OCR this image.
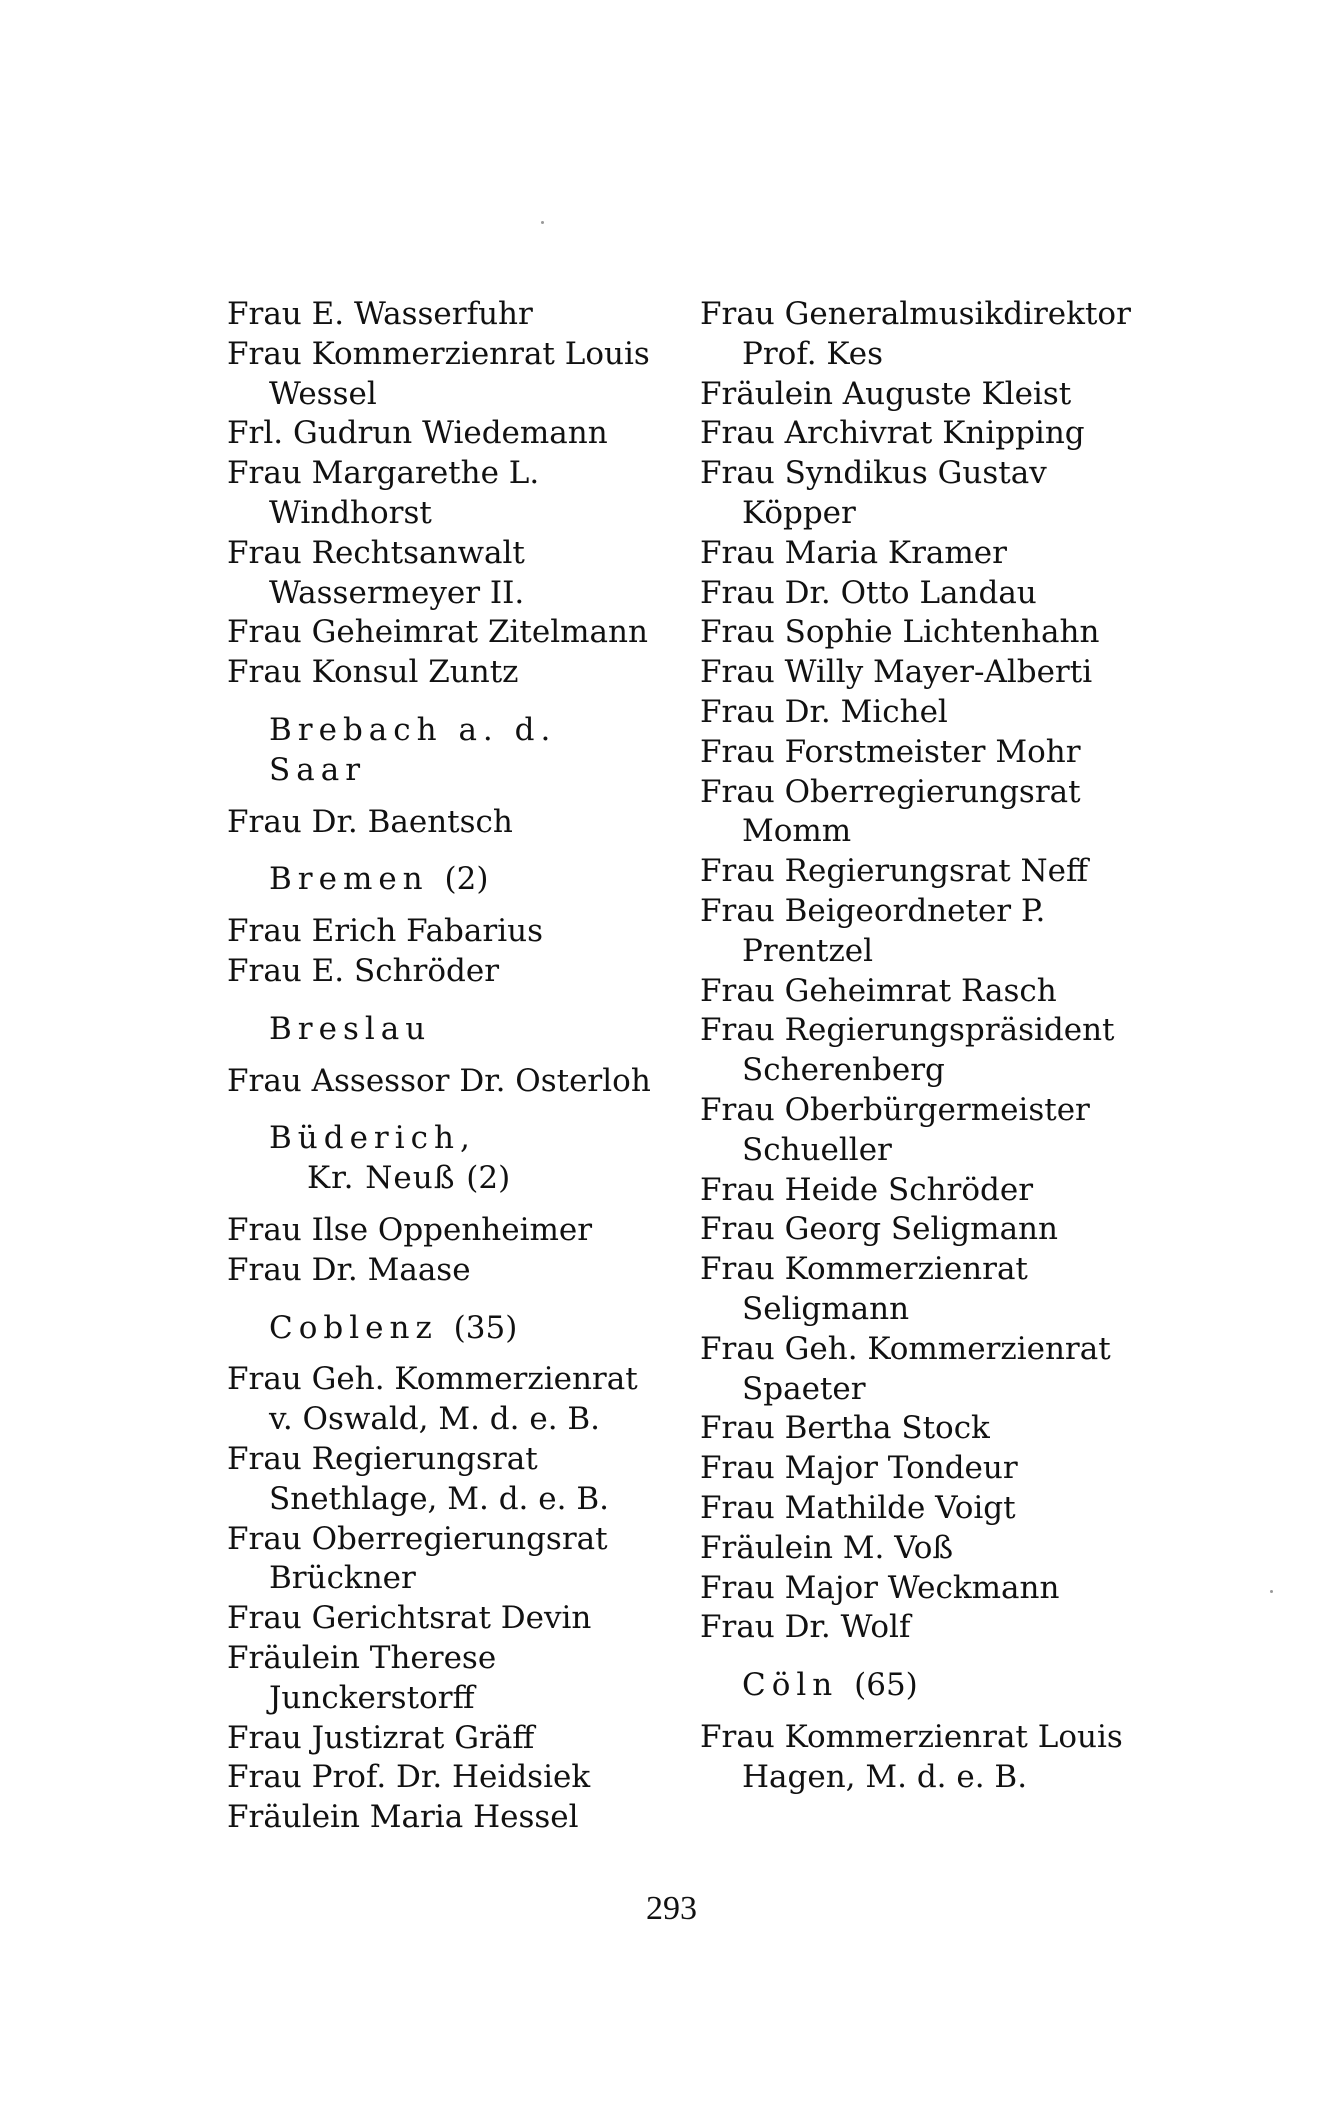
Frau E. Wasserfuhr
Frau Kommerzienrat Louis Wessel
Frl. Gudrun Wiedemann
Frau Margarethe L. Windhorst
Frau Rechtsanwalt Wassermeyer II.
Frau Geheimrat Zitelmann
Frau Konsul Zuntz
Brebach a. d. Saar
Frau Dr. Baentsch
Bremen (2)
Frau Erich Fabarius
Frau E. Schröder
Breslau
Frau Assessor Dr. Osterloh
Büderich,
Kr. Neuß (2)
Frau Ilse Oppenheimer
Frau Dr. Maase
Coblenz (35)
Frau Geh. Kommerzienrat v. Oswald, M. d. e. B.
Frau Regierungsrat Snethlage, M. d. e. B.
Frau Oberregierungsrat Brückner
Frau Gerichtsrat Devin
Fräulein Therese Junckerstorff
Frau Justizrat Gräff
Frau Prof. Dr. Heidsiek
Fräulein Maria Hessel
Frau Generalmusikdirektor Prof. Kes
Fräulein Auguste Kleist
Frau Archivrat Knipping
Frau Syndikus Gustav Köpper
Frau Maria Kramer
Frau Dr. Otto Landau
Frau Sophie Lichtenhahn
Frau Willy Mayer-Alberti
Frau Dr. Michel
Frau Forstmeister Mohr
Frau Oberregierungsrat Momm
Frau Regierungsrat Neff
Frau Beigeordneter P. Prentzel
Frau Geheimrat Rasch
Frau Regierungspräsident Scherenberg
Frau Oberbürgermeister Schueller
Frau Heide Schröder
Frau Georg Seligmann
Frau Kommerzienrat Seligmann
Frau Geh. Kommerzienrat Spaeter
Frau Bertha Stock
Frau Major Tondeur
Frau Mathilde Voigt
Fräulein M. Voß
Frau Major Weckmann
Frau Dr. Wolf
Cöln (65)
Frau Kommerzienrat Louis Hagen, M. d. e. B.
293
